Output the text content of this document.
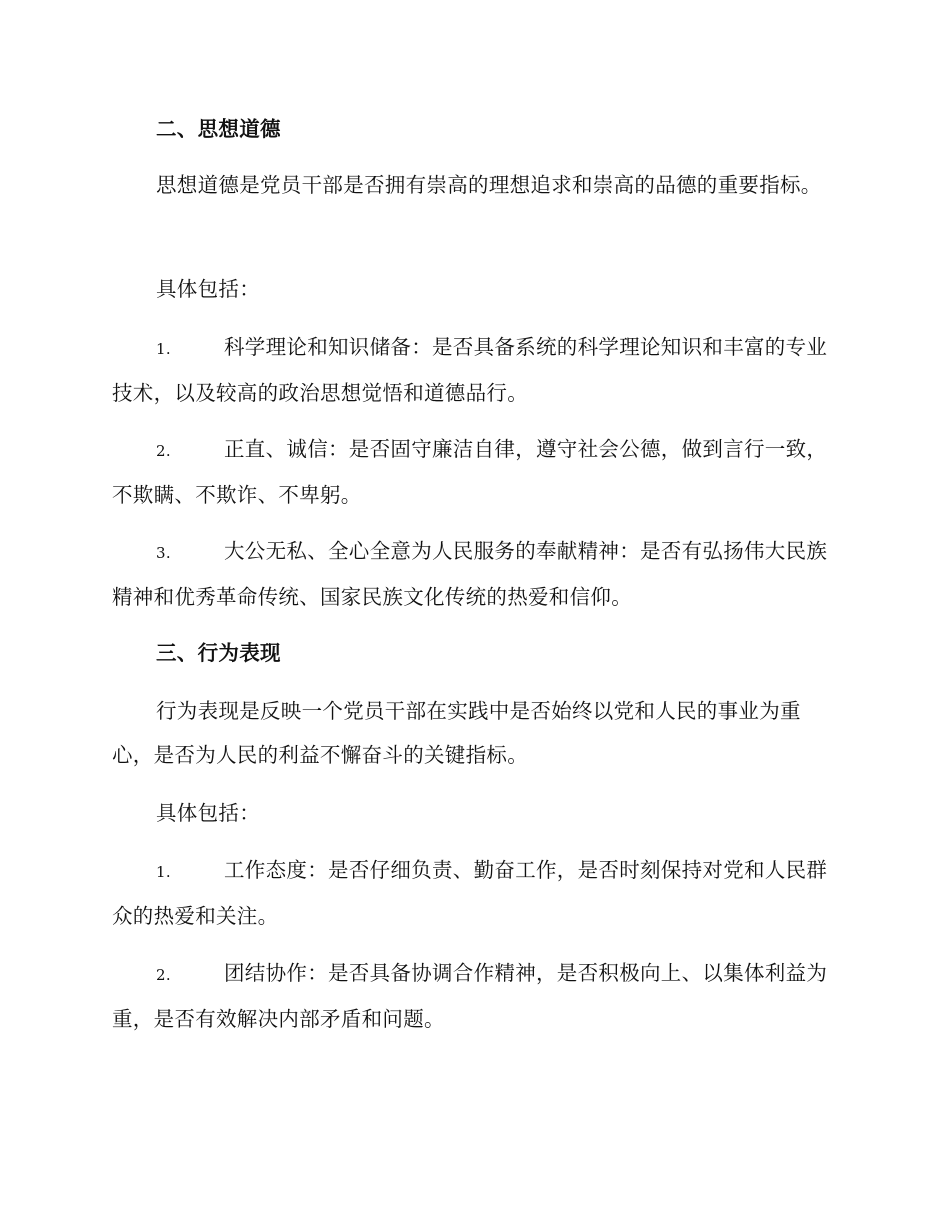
二、思想道德

思想道德是党员干部是否拥有崇高的理想追求和崇高的品德的重要指标。

具体包括：

1.	科学理论和知识储备：是否具备系统的科学理论知识和丰富的专业技术，以及较高的政治思想觉悟和道德品行。

2.	正直、诚信：是否固守廉洁自律，遵守社会公德，做到言行一致，不欺瞒、不欺诈、不卑躬。

3.	大公无私、全心全意为人民服务的奉献精神：是否有弘扬伟大民族精神和优秀革命传统、国家民族文化传统的热爱和信仰。

三、行为表现

行为表现是反映一个党员干部在实践中是否始终以党和人民的事业为重心，是否为人民的利益不懈奋斗的关键指标。

具体包括：

1.	工作态度：是否仔细负责、勤奋工作，是否时刻保持对党和人民群众的热爱和关注。

2.	团结协作：是否具备协调合作精神，是否积极向上、以集体利益为重，是否有效解决内部矛盾和问题。
